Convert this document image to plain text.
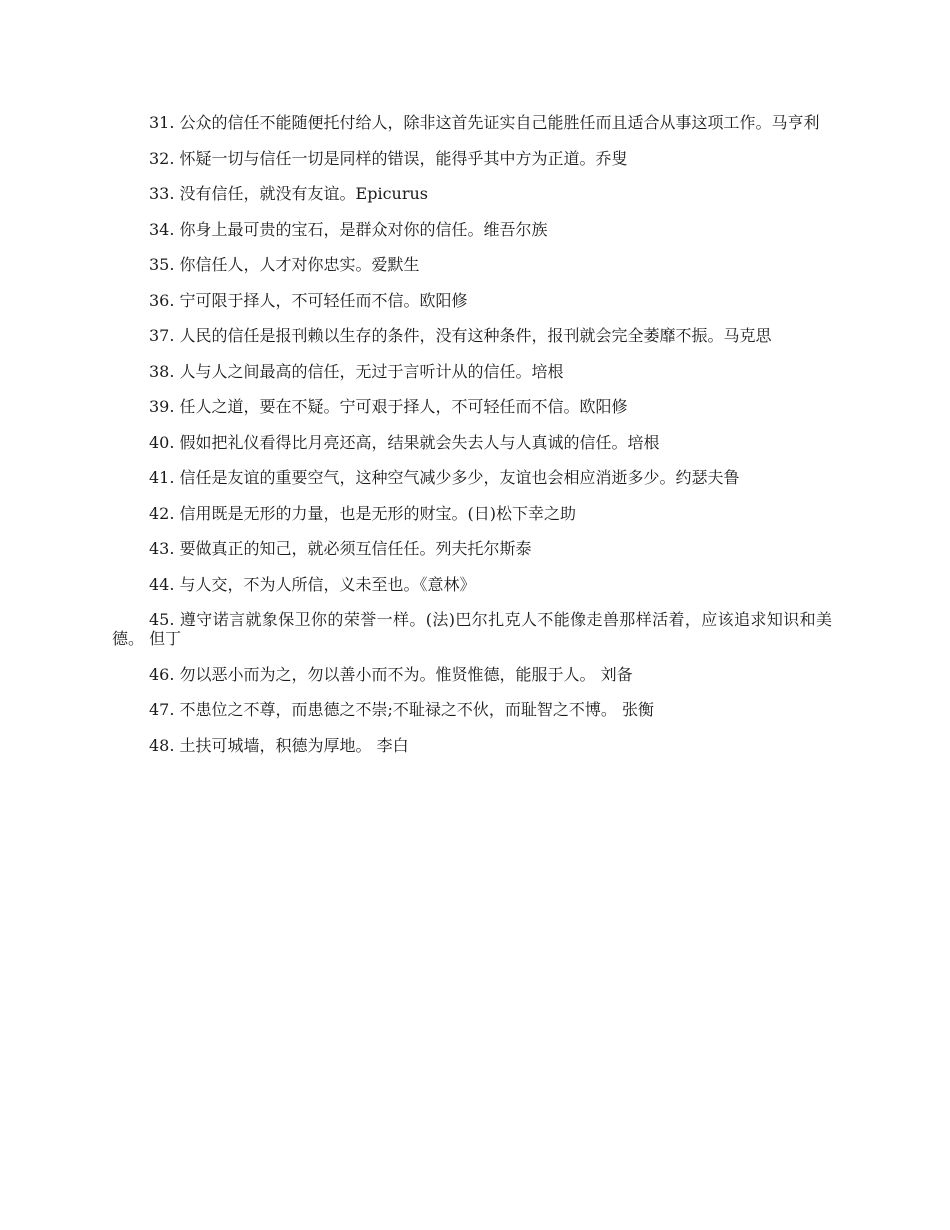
31. 公众的信任不能随便托付给人，除非这首先证实自己能胜任而且适合从事这项工作。马亨利

32. 怀疑一切与信任一切是同样的错误，能得乎其中方为正道。乔叟

33. 没有信任，就没有友谊。Epicurus

34. 你身上最可贵的宝石，是群众对你的信任。维吾尔族

35. 你信任人，人才对你忠实。爱默生

36. 宁可限于择人，不可轻任而不信。欧阳修

37. 人民的信任是报刊赖以生存的条件，没有这种条件，报刊就会完全萎靡不振。马克思

38. 人与人之间最高的信任，无过于言听计从的信任。培根

39. 任人之道，要在不疑。宁可艰于择人，不可轻任而不信。欧阳修

40. 假如把礼仪看得比月亮还高，结果就会失去人与人真诚的信任。培根

41. 信任是友谊的重要空气，这种空气减少多少，友谊也会相应消逝多少。约瑟夫鲁

42. 信用既是无形的力量，也是无形的财宝。(日)松下幸之助

43. 要做真正的知己，就必须互信任任。列夫托尔斯泰

44. 与人交，不为人所信，义未至也。《意林》

45. 遵守诺言就象保卫你的荣誉一样。(法)巴尔扎克人不能像走兽那样活着，应该追求知识和美德。 但丁

46. 勿以恶小而为之，勿以善小而不为。惟贤惟德，能服于人。 刘备

47. 不患位之不尊，而患德之不崇;不耻禄之不伙，而耻智之不博。 张衡

48. 土扶可城墙，积德为厚地。 李白
